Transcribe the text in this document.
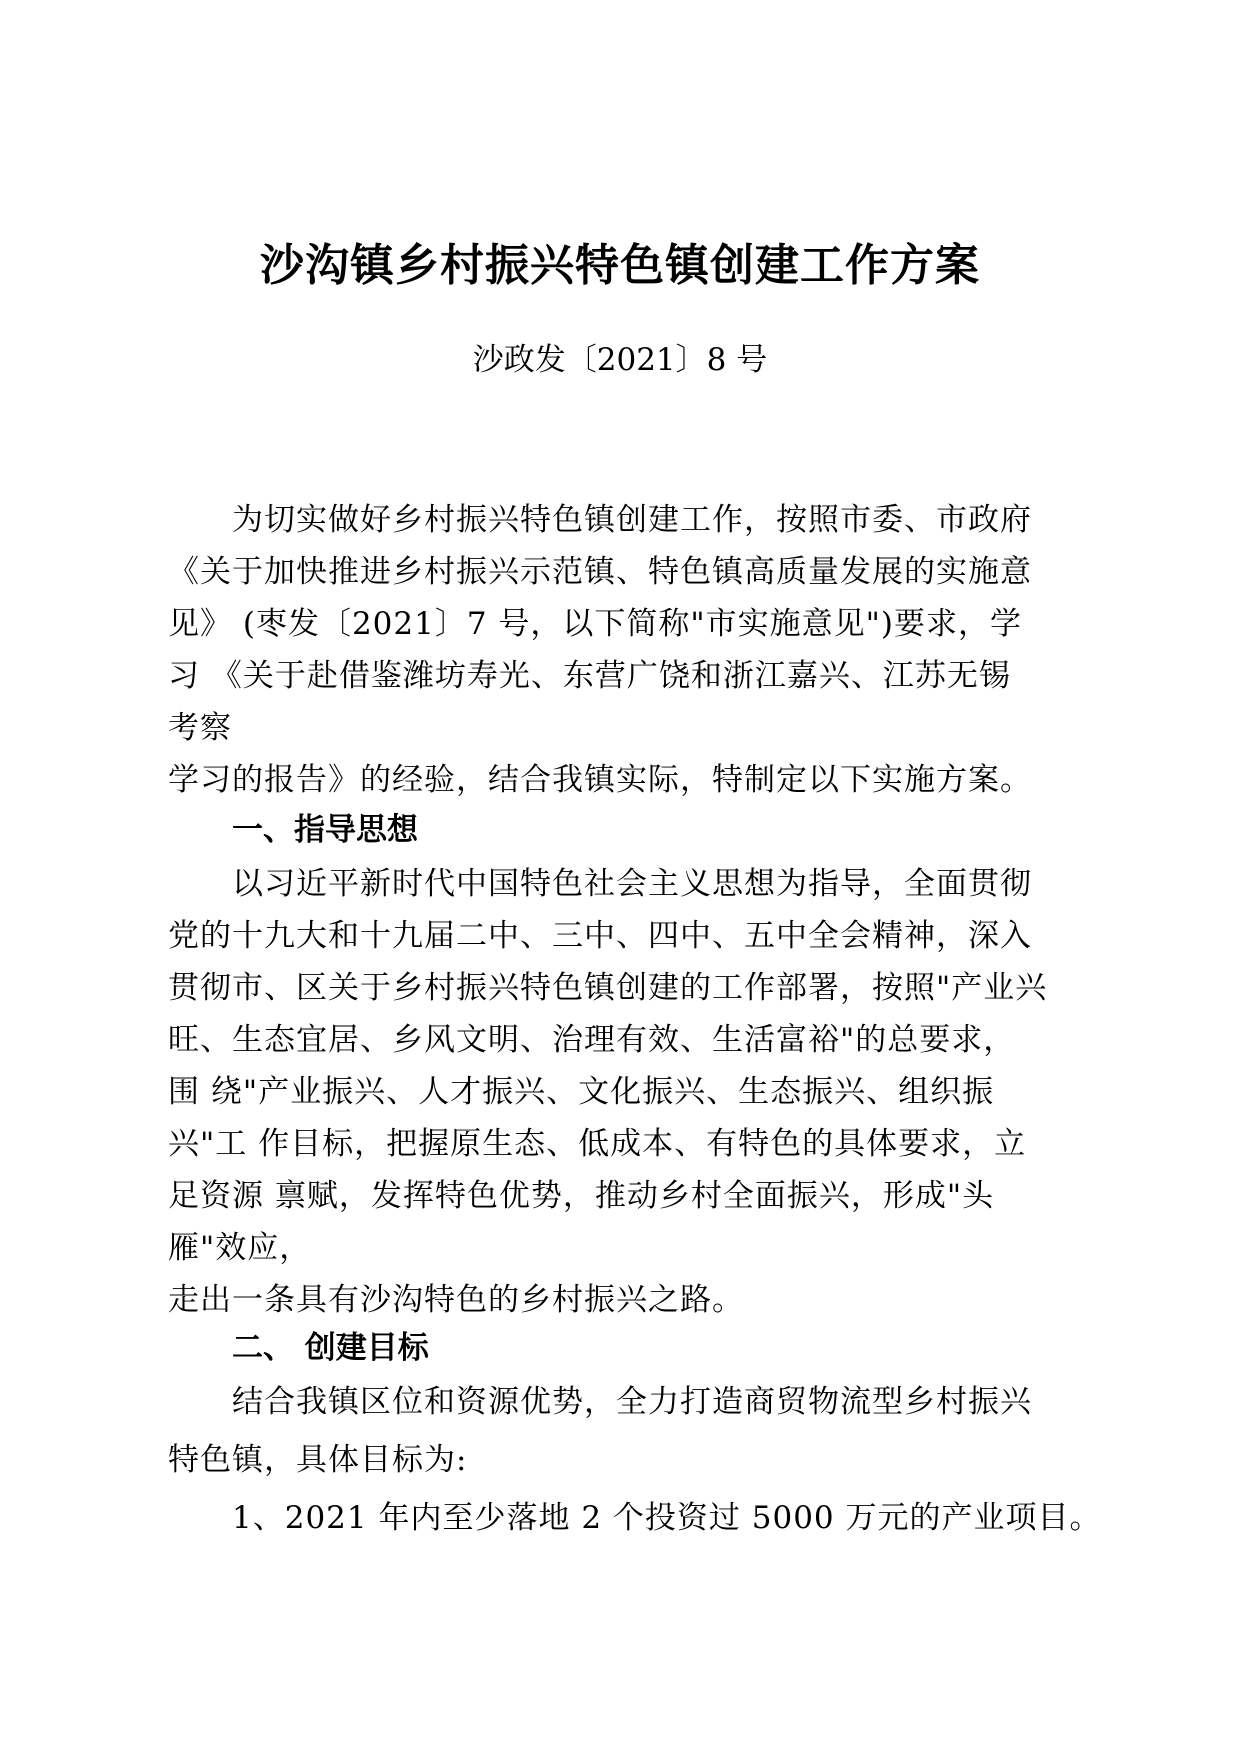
沙沟镇乡村振兴特色镇创建工作方案
沙政发〔2021〕8 号
为切实做好乡村振兴特色镇创建工作，按照市委、市政府
《关于加快推进乡村振兴示范镇、特色镇高质量发展的实施意
见》 (枣发〔2021〕7 号，以下简称"市实施意见")要求，学
习 《关于赴借鉴潍坊寿光、东营广饶和浙江嘉兴、江苏无锡
考察
学习的报告》的经验，结合我镇实际，特制定以下实施方案。
一、指导思想
以习近平新时代中国特色社会主义思想为指导，全面贯彻
党的十九大和十九届二中、三中、四中、五中全会精神，深入
贯彻市、区关于乡村振兴特色镇创建的工作部署，按照"产业兴
旺、生态宜居、乡风文明、治理有效、生活富裕"的总要求，
围 绕"产业振兴、人才振兴、文化振兴、生态振兴、组织振
兴"工 作目标，把握原生态、低成本、有特色的具体要求，立
足资源 禀赋，发挥特色优势，推动乡村全面振兴，形成"头
雁"效应，
走出一条具有沙沟特色的乡村振兴之路。
二、 创建目标
结合我镇区位和资源优势，全力打造商贸物流型乡村振兴
特色镇，具体目标为:
1、2021 年内至少落地 2 个投资过 5000 万元的产业项目。
